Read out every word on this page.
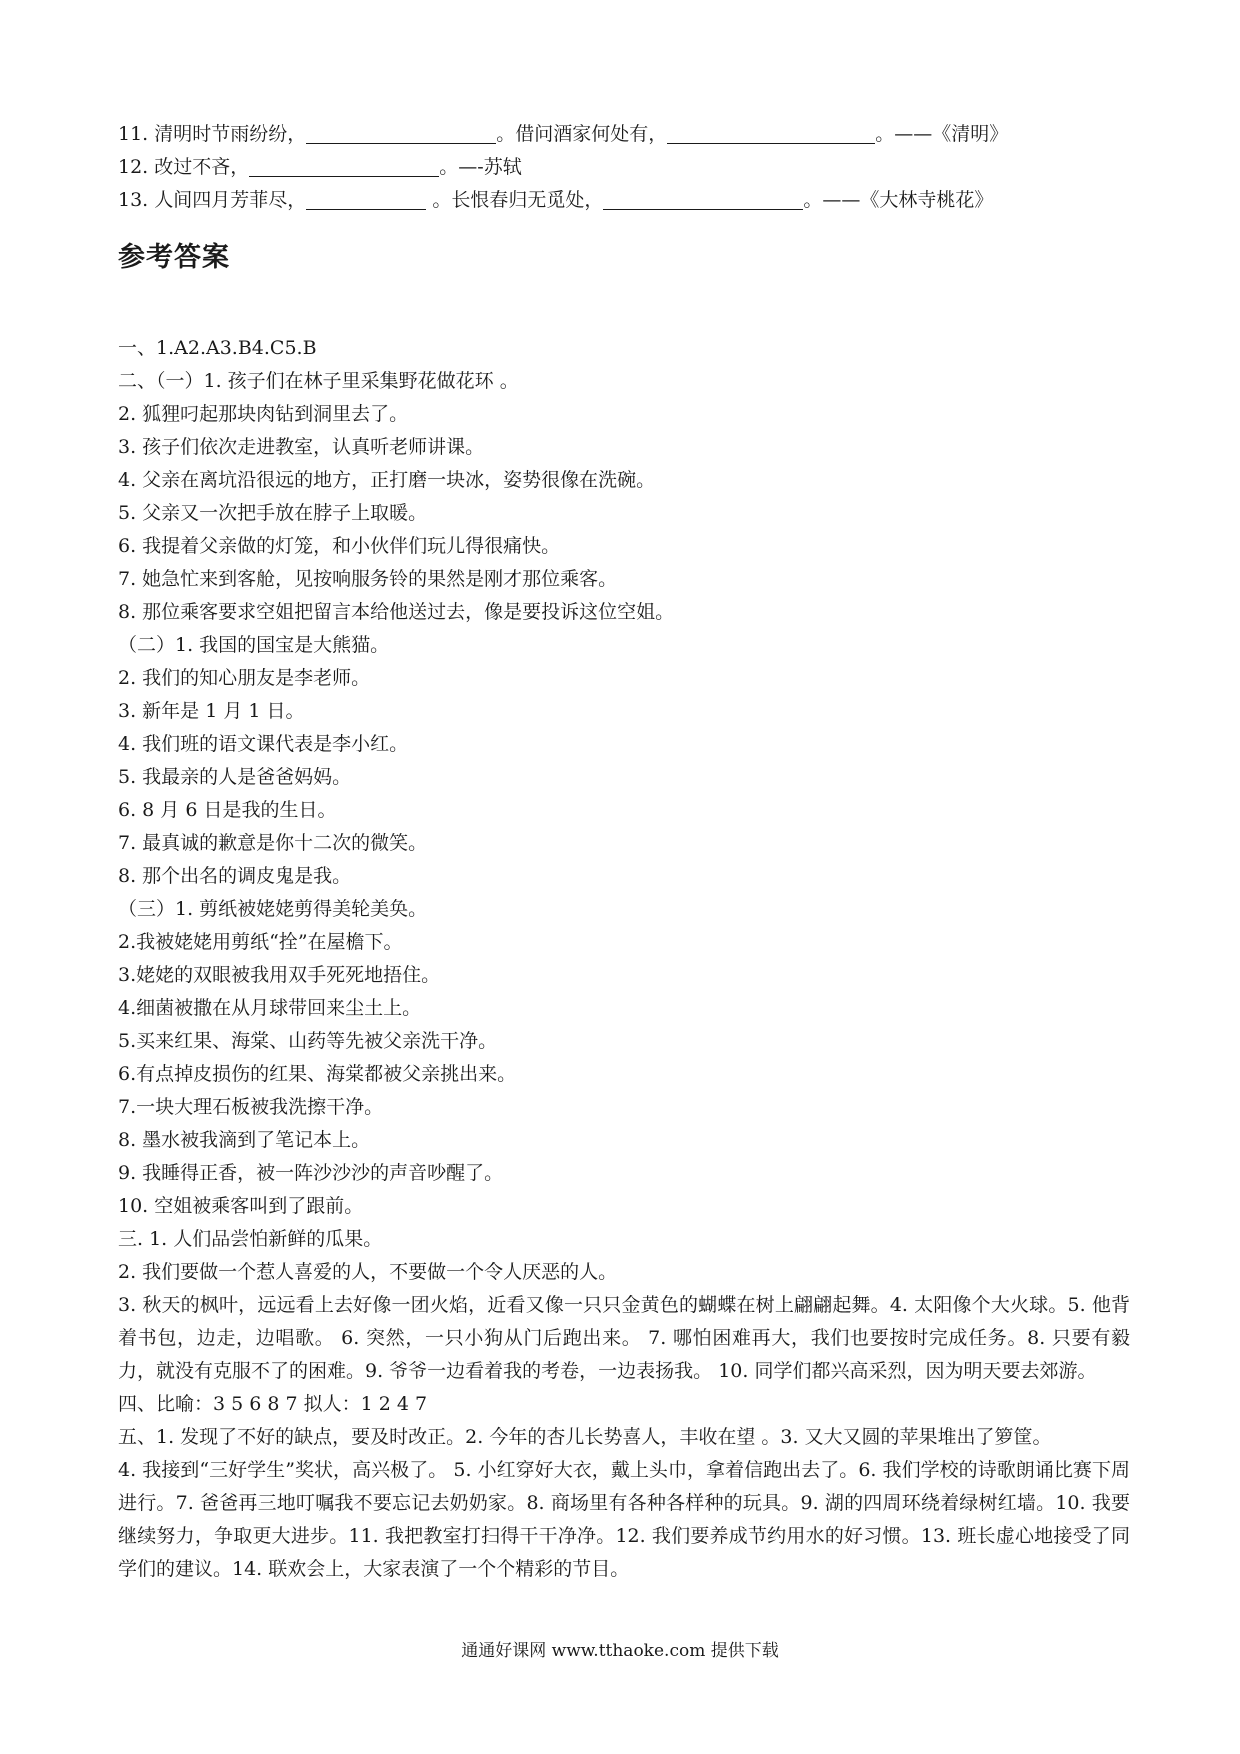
11. 清明时节雨纷纷，	。借问酒家何处有，	。——《清明》
12. 改过不吝，	。—-苏轼
13. 人间四月芳菲尽，	。长恨春归无觅处，	。——《大林寺桃花》
参考答案
一、1.A2.A3.B4.C5.B
二、（一）1. 孩子们在林子里采集野花做花环 。
2. 狐狸叼起那块肉钻到洞里去了。
3. 孩子们依次走进教室，认真听老师讲课。
4. 父亲在离坑沿很远的地方，正打磨一块冰，姿势很像在洗碗。
5. 父亲又一次把手放在脖子上取暖。
6. 我提着父亲做的灯笼，和小伙伴们玩儿得很痛快。
7. 她急忙来到客舱，见按响服务铃的果然是刚才那位乘客。
8. 那位乘客要求空姐把留言本给他送过去，像是要投诉这位空姐。
（二）1. 我国的国宝是大熊猫。
2. 我们的知心朋友是李老师。
3. 新年是 1 月 1 日。
4. 我们班的语文课代表是李小红。
5. 我最亲的人是爸爸妈妈。
6. 8 月 6 日是我的生日。
7. 最真诚的歉意是你十二次的微笑。
8. 那个出名的调皮鬼是我。
（三）1. 剪纸被姥姥剪得美轮美奂。
2.我被姥姥用剪纸“拴”在屋檐下。
3.姥姥的双眼被我用双手死死地捂住。
4.细菌被撒在从月球带回来尘土上。
5.买来红果、海棠、山药等先被父亲洗干净。
6.有点掉皮损伤的红果、海棠都被父亲挑出来。
7.一块大理石板被我洗擦干净。
8. 墨水被我滴到了笔记本上。
9. 我睡得正香，被一阵沙沙沙的声音吵醒了。
10. 空姐被乘客叫到了跟前。
三. 1. 人们品尝怕新鲜的瓜果。
2. 我们要做一个惹人喜爱的人，不要做一个令人厌恶的人。
3. 秋天的枫叶，远远看上去好像一团火焰，近看又像一只只金黄色的蝴蝶在树上翩翩起舞。4. 太阳像个大火球。5. 他背着书包，边走，边唱歌。 6. 突然，一只小狗从门后跑出来。 7. 哪怕困难再大，我们也要按时完成任务。8. 只要有毅力，就没有克服不了的困难。9. 爷爷一边看着我的考卷，一边表扬我。 10. 同学们都兴高采烈，因为明天要去郊游。
四、比喻：3 5 6 8 7 拟人：1 2 4 7
五、1. 发现了不好的缺点，要及时改正。2. 今年的杏儿长势喜人，丰收在望 。3. 又大又圆的苹果堆出了箩筐。
4. 我接到“三好学生”奖状，高兴极了。 5. 小红穿好大衣，戴上头巾，拿着信跑出去了。6. 我们学校的诗歌朗诵比赛下周进行。7. 爸爸再三地叮嘱我不要忘记去奶奶家。8. 商场里有各种各样种的玩具。9. 湖的四周环绕着绿树红墙。10. 我要继续努力，争取更大进步。11. 我把教室打扫得干干净净。12. 我们要养成节约用水的好习惯。13. 班长虚心地接受了同学们的建议。14. 联欢会上，大家表演了一个个精彩的节目。
通通好课网 www.tthaoke.com 提供下载
